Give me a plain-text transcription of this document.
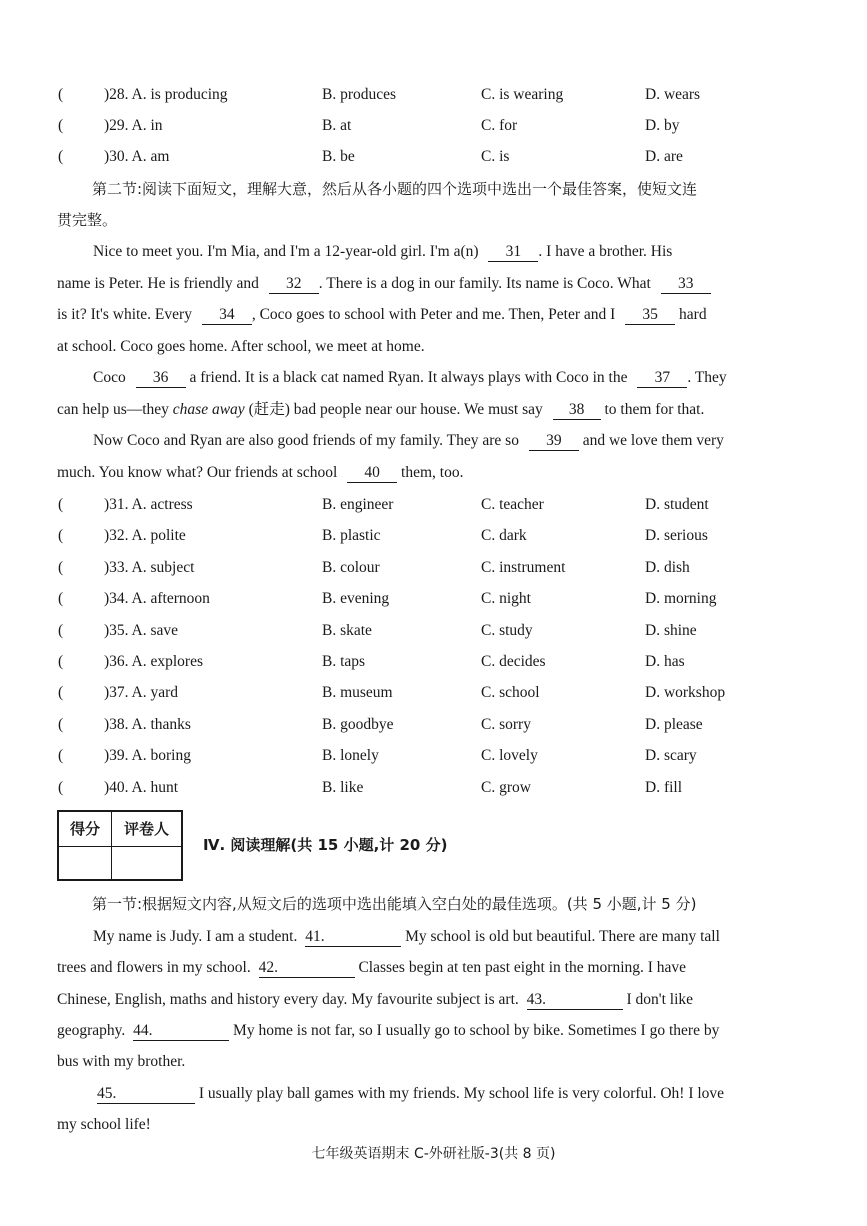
(	)28. A. is producing	B. produces	C. is wearing	D. wears
(	)29. A. in	B. at	C. for	D. by
(	)30. A. am	B. be	C. is	D. are
第二节:阅读下面短文，理解大意，然后从各小题的四个选项中选出一个最佳答案，使短文连
贯完整。
Nice to meet you. I'm Mia, and I'm a 12-year-old girl. I'm a(n) 31 . I have a brother. His
name is Peter. He is friendly and 32 . There is a dog in our family. Its name is Coco. What 33
is it? It's white. Every 34 , Coco goes to school with Peter and me. Then, Peter and I 35 hard
at school. Coco goes home. After school, we meet at home.
Coco 36 a friend. It is a black cat named Ryan. It always plays with Coco in the 37 . They
can help us—they chase away (赶走) bad people near our house. We must say 38 to them for that.
Now Coco and Ryan are also good friends of my family. They are so 39 and we love them very
much. You know what? Our friends at school 40 them, too.
(	)31. A. actress	B. engineer	C. teacher	D. student
(	)32. A. polite	B. plastic	C. dark	D. serious
(	)33. A. subject	B. colour	C. instrument	D. dish
(	)34. A. afternoon	B. evening	C. night	D. morning
(	)35. A. save	B. skate	C. study	D. shine
(	)36. A. explores	B. taps	C. decides	D. has
(	)37. A. yard	B. museum	C. school	D. workshop
(	)38. A. thanks	B. goodbye	C. sorry	D. please
(	)39. A. boring	B. lonely	C. lovely	D. scary
(	)40. A. hunt	B. like	C. grow	D. fill
得分	评卷人
Ⅳ. 阅读理解(共 15 小题,计 20 分)
第一节:根据短文内容,从短文后的选项中选出能填入空白处的最佳选项。(共 5 小题,计 5 分)
My name is Judy. I am a student. 41.	My school is old but beautiful. There are many tall
trees and flowers in my school. 42.	Classes begin at ten past eight in the morning. I have
Chinese, English, maths and history every day. My favourite subject is art. 43.	I don't like
geography. 44.	My home is not far, so I usually go to school by bike. Sometimes I go there by
bus with my brother.
45.	I usually play ball games with my friends. My school life is very colorful. Oh! I love
my school life!
七年级英语期末 C-外研社版-3(共 8 页)
